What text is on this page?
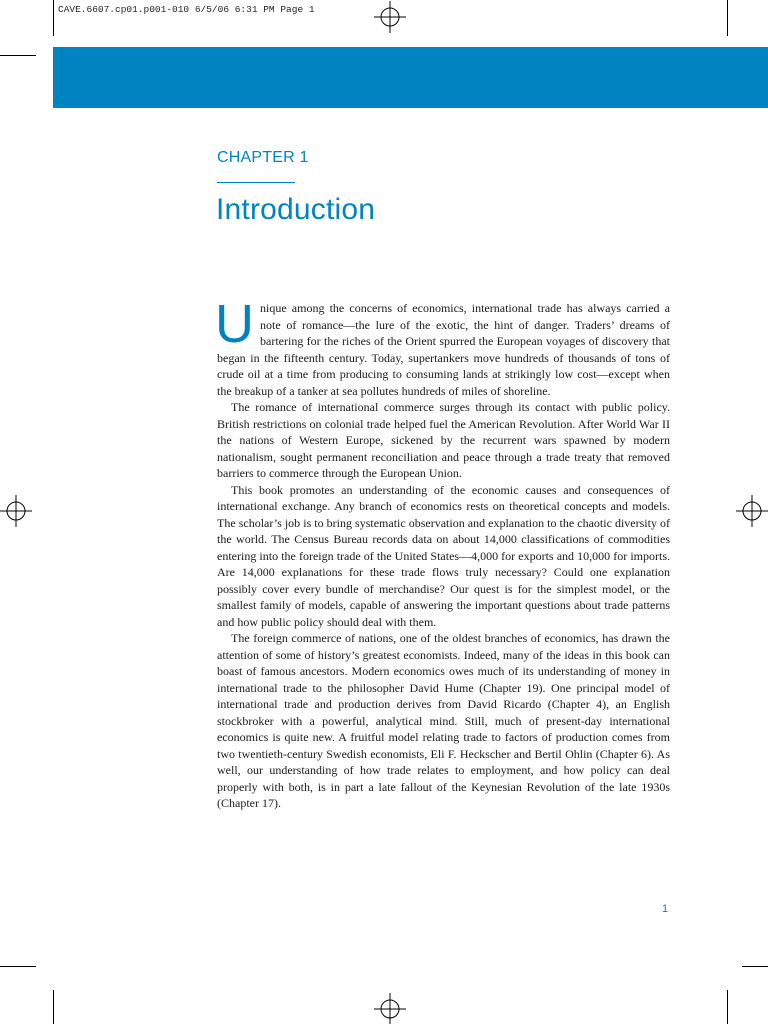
CAVE.6607.cp01.p001-010 6/5/06 6:31 PM Page 1
CHAPTER 1
Introduction

Unique among the concerns of economics, international trade has always carried a note of romance—the lure of the exotic, the hint of danger. Traders’ dreams of bartering for the riches of the Orient spurred the European voyages of discovery that began in the fifteenth century. Today, supertankers move hundreds of thousands of tons of crude oil at a time from producing to consuming lands at strikingly low cost—except when the breakup of a tanker at sea pollutes hundreds of miles of shoreline.

The romance of international commerce surges through its contact with public policy. British restrictions on colonial trade helped fuel the American Revolution. After World War II the nations of Western Europe, sickened by the recurrent wars spawned by modern nationalism, sought permanent reconciliation and peace through a trade treaty that removed barriers to commerce through the European Union.

This book promotes an understanding of the economic causes and consequences of international exchange. Any branch of economics rests on theoretical concepts and models. The scholar’s job is to bring systematic observation and explanation to the chaotic diversity of the world. The Census Bureau records data on about 14,000 classifications of commodities entering into the foreign trade of the United States—4,000 for exports and 10,000 for imports. Are 14,000 explanations for these trade flows truly necessary? Could one explanation possibly cover every bundle of merchandise? Our quest is for the simplest model, or the smallest family of models, capable of answering the important questions about trade patterns and how public policy should deal with them.

The foreign commerce of nations, one of the oldest branches of economics, has drawn the attention of some of history’s greatest economists. Indeed, many of the ideas in this book can boast of famous ancestors. Modern economics owes much of its understanding of money in international trade to the philosopher David Hume (Chapter 19). One principal model of international trade and production derives from David Ricardo (Chapter 4), an English stockbroker with a powerful, analytical mind. Still, much of present-day international economics is quite new. A fruitful model relating trade to factors of production comes from two twentieth-century Swedish economists, Eli F. Heckscher and Bertil Ohlin (Chapter 6). As well, our understanding of how trade relates to employment, and how policy can deal properly with both, is in part a late fallout of the Keynesian Revolution of the late 1930s (Chapter 17).

1
